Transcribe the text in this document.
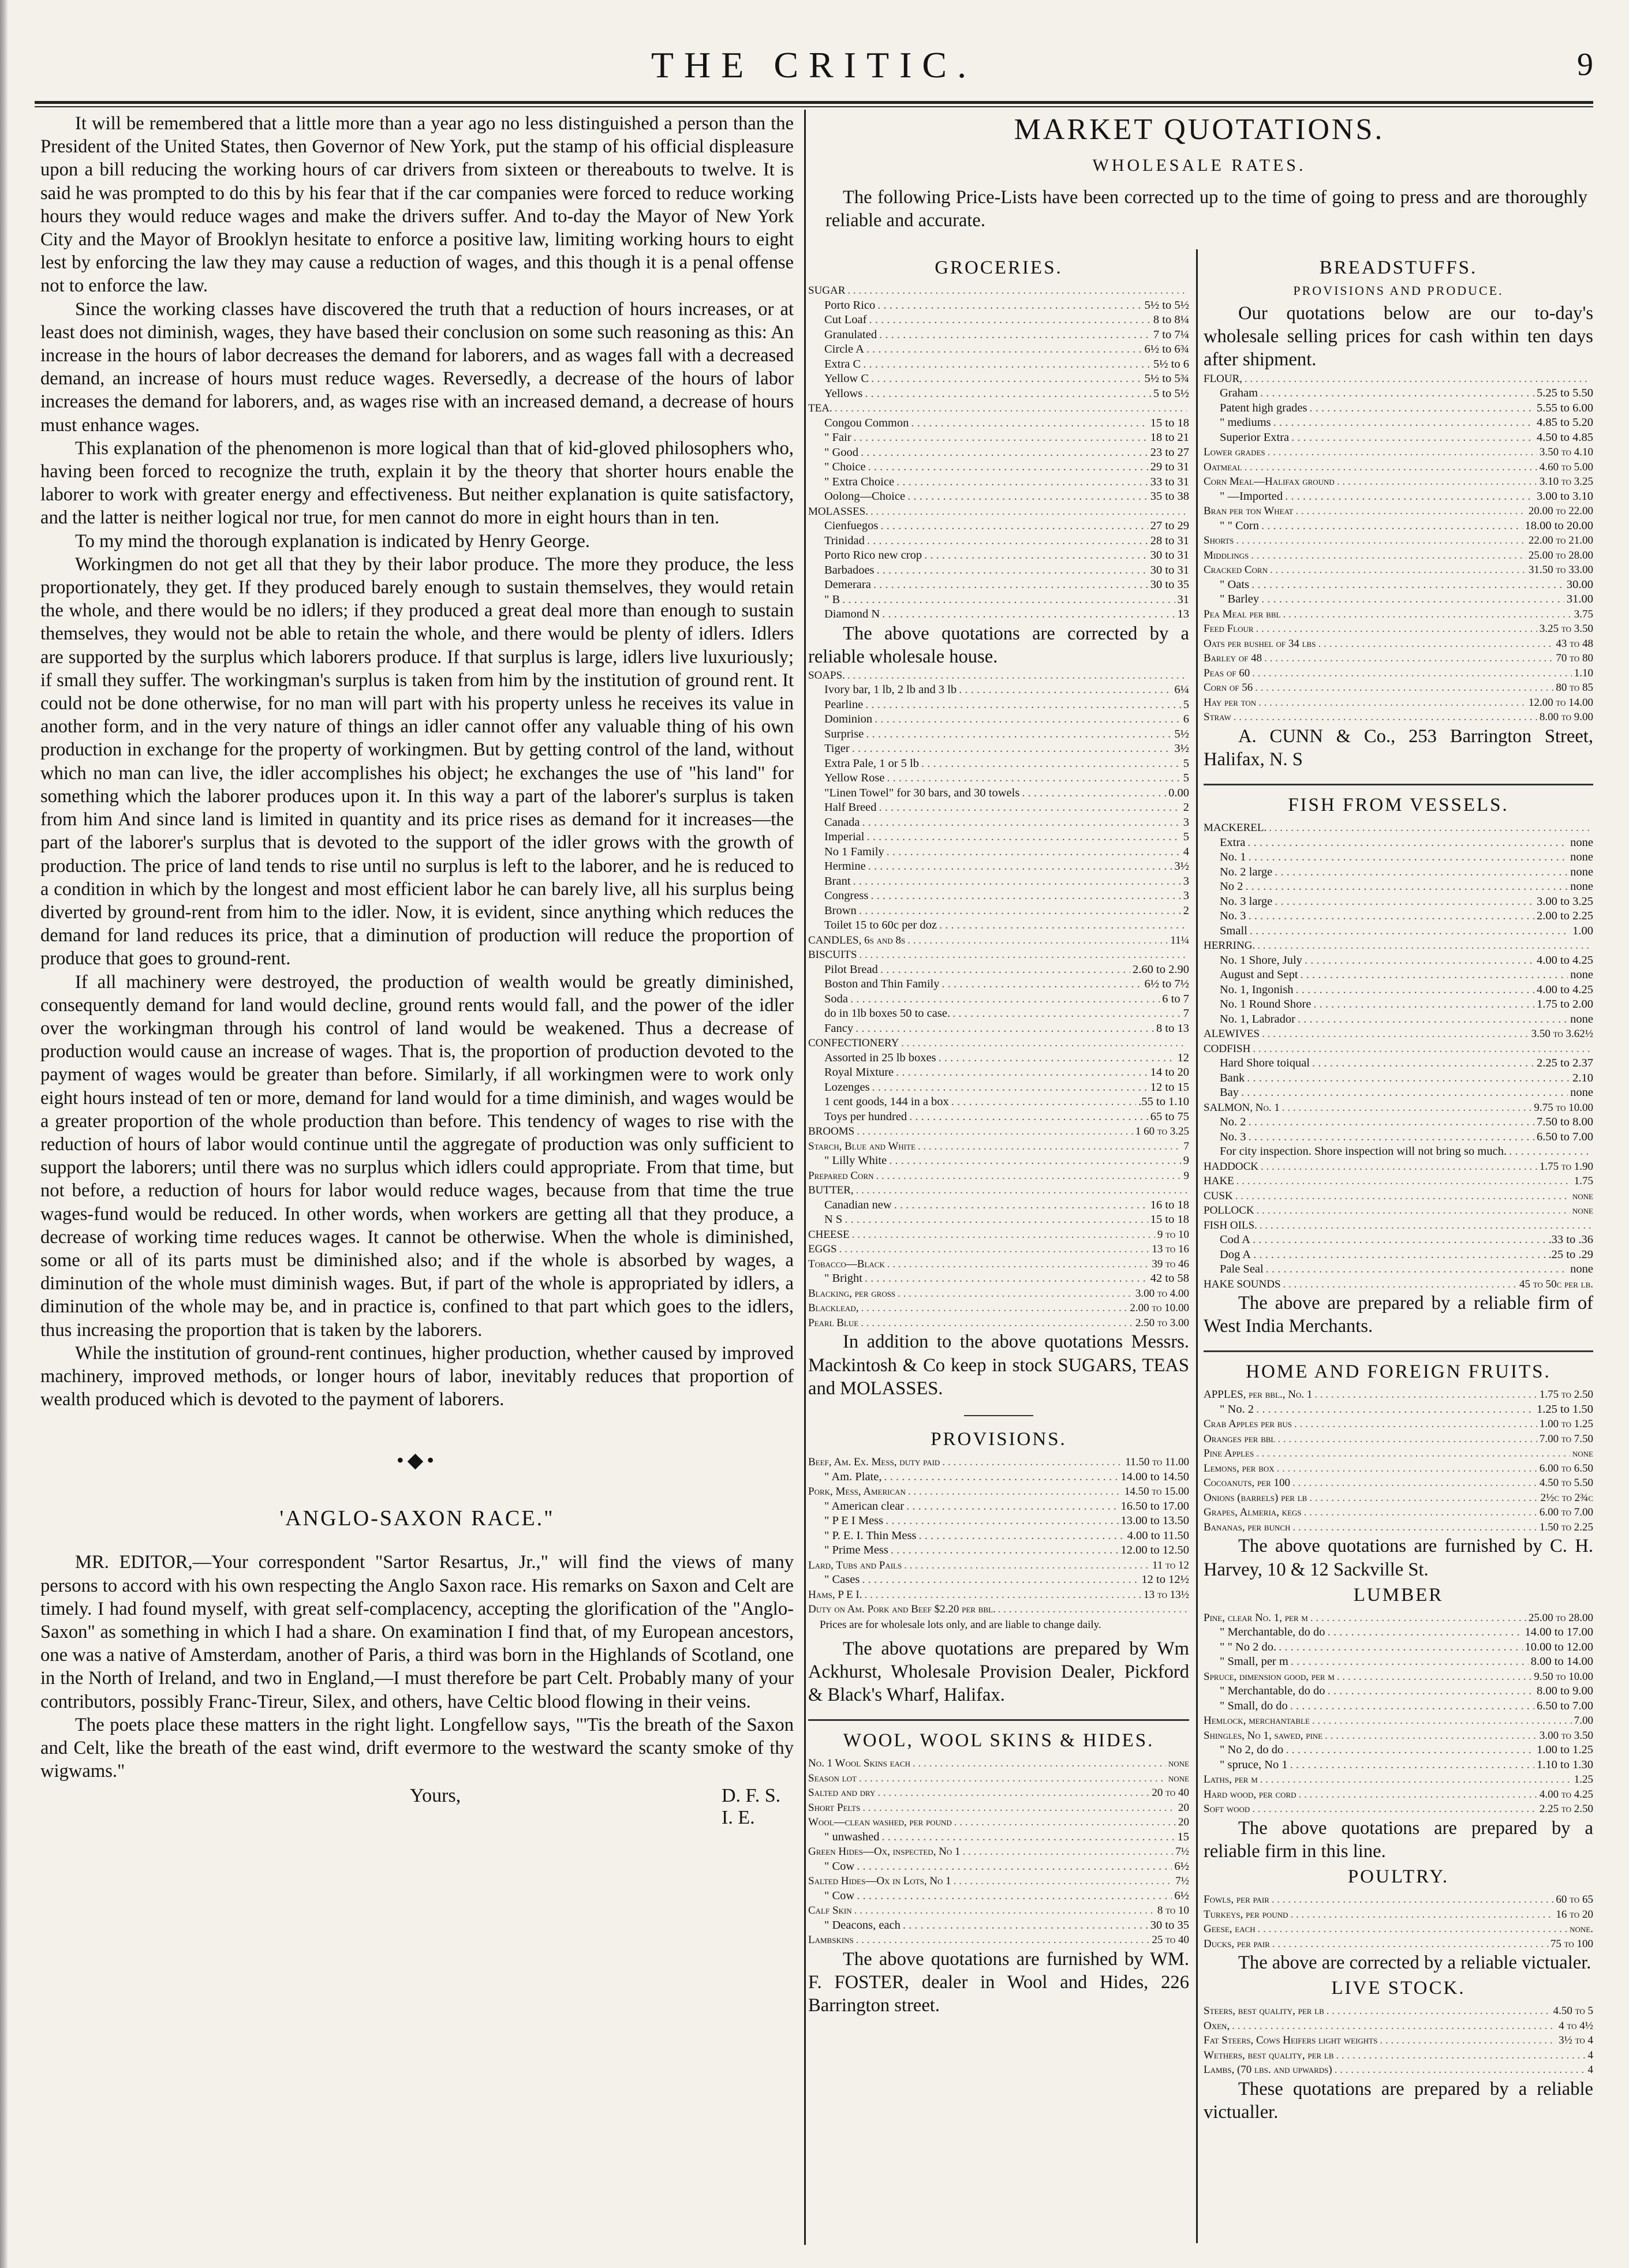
THE CRITIC.	9

It will be remembered that a little more than a year ago no less distinguished a person than the President of the United States, then Governor of New York, put the stamp of his official displeasure upon a bill reducing the working hours of car drivers from sixteen or thereabouts to twelve. It is said he was prompted to do this by his fear that if the car companies were forced to reduce working hours they would reduce wages and make the drivers suffer. And to-day the Mayor of New York City and the Mayor of Brooklyn hesitate to enforce a positive law, limiting working hours to eight lest by enforcing the law they may cause a reduction of wages, and this though it is a penal offense not to enforce the law.

Since the working classes have discovered the truth that a reduction of hours increases, or at least does not diminish, wages, they have based their conclusion on some such reasoning as this: An increase in the hours of labor decreases the demand for laborers, and as wages fall with a decreased demand, an increase of hours must reduce wages. Reversedly, a decrease of the hours of labor increases the demand for laborers, and, as wages rise with an increased demand, a decrease of hours must enhance wages.

This explanation of the phenomenon is more logical than that of kid-gloved philosophers who, having been forced to recognize the truth, explain it by the theory that shorter hours enable the laborer to work with greater energy and effectiveness. But neither explanation is quite satisfactory, and the latter is neither logical nor true, for men cannot do more in eight hours than in ten.

To my mind the thorough explanation is indicated by Henry George.

Workingmen do not get all that they by their labor produce. The more they produce, the less proportionately, they get. If they produced barely enough to sustain themselves, they would retain the whole, and there would be no idlers; if they produced a great deal more than enough to sustain themselves, they would not be able to retain the whole, and there would be plenty of idlers. Idlers are supported by the surplus which laborers produce. If that surplus is large, idlers live luxuriously; if small they suffer. The workingman's surplus is taken from him by the institution of ground rent. It could not be done otherwise, for no man will part with his property unless he receives its value in another form, and in the very nature of things an idler cannot offer any valuable thing of his own production in exchange for the property of workingmen. But by getting control of the land, without which no man can live, the idler accomplishes his object; he exchanges the use of "his land" for something which the laborer produces upon it. In this way a part of the laborer's surplus is taken from him And since land is limited in quantity and its price rises as demand for it increases—the part of the laborer's surplus that is devoted to the support of the idler grows with the growth of production. The price of land tends to rise until no surplus is left to the laborer, and he is reduced to a condition in which by the longest and most efficient labor he can barely live, all his surplus being diverted by ground-rent from him to the idler. Now, it is evident, since anything which reduces the demand for land reduces its price, that a diminution of production will reduce the proportion of produce that goes to ground-rent.

If all machinery were destroyed, the production of wealth would be greatly diminished, consequently demand for land would decline, ground rents would fall, and the power of the idler over the workingman through his control of land would be weakened. Thus a decrease of production would cause an increase of wages. That is, the proportion of production devoted to the payment of wages would be greater than before. Similarly, if all workingmen were to work only eight hours instead of ten or more, demand for land would for a time diminish, and wages would be a greater proportion of the whole production than before. This tendency of wages to rise with the reduction of hours of labor would continue until the aggregate of production was only sufficient to support the laborers; until there was no surplus which idlers could appropriate. From that time, but not before, a reduction of hours for labor would reduce wages, because from that time the true wages-fund would be reduced. In other words, when workers are getting all that they produce, a decrease of working time reduces wages. It cannot be otherwise. When the whole is diminished, some or all of its parts must be diminished also; and if the whole is absorbed by wages, a diminution of the whole must diminish wages. But, if part of the whole is appropriated by idlers, a diminution of the whole may be, and in practice is, confined to that part which goes to the idlers, thus increasing the proportion that is taken by the laborers.

While the institution of ground-rent continues, higher production, whether caused by improved machinery, improved methods, or longer hours of labor, inevitably reduces that proportion of wealth produced which is devoted to the payment of laborers.

•◆•
'ANGLO-SAXON RACE."

MR. EDITOR,—Your correspondent "Sartor Resartus, Jr.," will find the views of many persons to accord with his own respecting the Anglo Saxon race. His remarks on Saxon and Celt are timely. I had found myself, with great self-complacency, accepting the glorification of the "Anglo-Saxon" as something in which I had a share. On examination I find that, of my European ancestors, one was a native of Amsterdam, another of Paris, a third was born in the Highlands of Scotland, one in the North of Ireland, and two in England,—I must therefore be part Celt. Probably many of your contributors, possibly Franc-Tireur, Silex, and others, have Celtic blood flowing in their veins.

The poets place these matters in the right light. Longfellow says, "'Tis the breath of the Saxon and Celt, like the breath of the east wind, drift evermore to the westward the scanty smoke of thy wigwams."

Yours,	D. F. S. I. E.
MARKET QUOTATIONS.
WHOLESALE RATES.

The following Price-Lists have been corrected up to the time of going to press and are thoroughly reliable and accurate.

GROCERIES.
SUGAR
. . .
Porto Rico . . .	5½ to 5½
Cut Loaf . . .	8 to 8¼
Granulated . . .	7 to 7¼
Circle A . . .	6½ to 6¾
Extra C . . .	5½ to 6
Yellow C . . .	5½ to 5¾
Yellows . . .	5 to 5½
TEA.
. . .
Congou Common . . .	15 to 18
" Fair . . .	18 to 21
" Good . . .	23 to 27
" Choice . . .	29 to 31
" Extra Choice . . .	33 to 31
Oolong—Choice . . .	35 to 38
MOLASSES.
. . .
Cienfuegos . . .	27 to 29
Trinidad . . .	28 to 31
Porto Rico new crop . . .	30 to 31
Barbadoes . . .	30 to 31
Demerara . . .	30 to 35
" B . . .	31
Diamond N . . .	13

The above quotations are corrected by a reliable wholesale house.

SOAPS.
. . .
Ivory bar, 1 lb, 2 lb and 3 lb . . .	6¼
Pearline . . .	5
Dominion . . .	6
Surprise . . .	5½
Tiger . . .	3½
Extra Pale, 1 or 5 lb . . .	5
Yellow Rose . . .	5
"Linen Towel" for 30 bars, and 30 towels . . .	0.00
Half Breed . . .	2
Canada . . .	3
Imperial . . .	5
No 1 Family . . .	4
Hermine . . .	3½
Brant . . .	3
Congress . . .	3
Brown . . .	2
Toilet 15 to 60c per doz
. . .
CANDLES, 6s and 8s . . .	11¼
BISCUITS
. . .
Pilot Bread . . .	2.60 to 2.90
Boston and Thin Family . . .	6½ to 7½
Soda . . .	6 to 7
do in 1lb boxes 50 to case. . . .	7
Fancy . . .	8 to 13
CONFECTIONERY
. . .
Assorted in 25 lb boxes . . .	12
Royal Mixture . . .	14 to 20
Lozenges . . .	12 to 15
1 cent goods, 144 in a box . . .	.55 to 1.10
Toys per hundred . . .	65 to 75
BROOMS . . .	1 60 to 3.25
Starch, Blue and White . . .	7
" Lilly White . . .	9
Prepared Corn . . .	9
BUTTER,
. . .
Canadian new . . .	16 to 18
N S . . .	15 to 18
CHEESE . . .	9 to 10
EGGS . . .	13 to 16
Tobacco—Black . . .	39 to 46
" Bright . . .	42 to 58
Blacking, per gross . . .	3.00 to 4.00
Blacklead, . . .	2.00 to 10.00
Pearl Blue . . .	2.50 to 3.00

In addition to the above quotations Messrs. Mackintosh & Co keep in stock SUGARS, TEAS and MOLASSES.

PROVISIONS.
Beef, Am. Ex. Mess, duty paid . . .	11.50 to 11.00
" Am. Plate, . . .	14.00 to 14.50
Pork, Mess, American . . .	14.50 to 15.00
" American clear . . .	16.50 to 17.00
" P E I Mess . . .	13.00 to 13.50
" P. E. I. Thin Mess . . .	4.00 to 11.50
" Prime Mess . . .	12.00 to 12.50
Lard, Tubs and Pails . . .	11 to 12
" Cases . . .	12 to 12½
Hams, P E I. . . .	13 to 13½
Duty on Am. Pork and Beef $2.20 per bbl.
. . .
Prices are for wholesale lots only, and are liable to change daily.

The above quotations are prepared by Wm Ackhurst, Wholesale Provision Dealer, Pickford & Black's Wharf, Halifax.

WOOL, WOOL SKINS & HIDES.
No. 1 Wool Skins each . . .	none
Season lot . . .	none
Salted and dry . . .	20 to 40
Short Pelts . . .	20
Wool—clean washed, per pound . . .	20
" unwashed . . .	15
Green Hides—Ox, inspected, No 1 . . .	7½
" Cow . . .	6½
Salted Hides—Ox in Lots, No 1 . . .	7½
" Cow . . .	6½
Calf Skin . . .	8 to 10
" Deacons, each . . .	30 to 35
Lambskins . . .	25 to 40

The above quotations are furnished by WM. F. FOSTER, dealer in Wool and Hides, 226 Barrington street.

BREADSTUFFS.
PROVISIONS AND PRODUCE.

Our quotations below are our to-day's wholesale selling prices for cash within ten days after shipment.

FLOUR,
. . .
Graham . . .	5.25 to 5.50
Patent high grades . . .	5.55 to 6.00
" mediums . . .	4.85 to 5.20
Superior Extra . . .	4.50 to 4.85
Lower grades . . .	3.50 to 4.10
Oatmeal . . .	4.60 to 5.00
Corn Meal—Halifax ground . . .	3.10 to 3.25
" —Imported . . .	3.00 to 3.10
Bran per ton Wheat . . .	20.00 to 22.00
" " Corn . . .	18.00 to 20.00
Shorts . . .	22.00 to 21.00
Middlings . . .	25.00 to 28.00
Cracked Corn . . .	31.50 to 33.00
" Oats . . .	30.00
" Barley . . .	31.00
Pea Meal per bbl . . .	3.75
Feed Flour . . .	3.25 to 3.50
Oats per bushel of 34 lbs . . .	43 to 48
Barley of 48 . . .	70 to 80
Peas of 60 . . .	1.10
Corn of 56 . . .	80 to 85
Hay per ton . . .	12.00 to 14.00
Straw . . .	8.00 to 9.00

A. CUNN & Co., 253 Barrington Street, Halifax, N. S

FISH FROM VESSELS.
MACKEREL.
. . .
Extra . . .	none
No. 1 . . .	none
No. 2 large . . .	none
No 2 . . .	none
No. 3 large . . .	3.00 to 3.25
No. 3 . . .	2.00 to 2.25
Small . . .	1.00
HERRING.
. . .
No. 1 Shore, July . . .	4.00 to 4.25
August and Sept . . .	none
No. 1, Ingonish . . .	4.00 to 4.25
No. 1 Round Shore . . .	1.75 to 2.00
No. 1, Labrador . . .	none
ALEWIVES . . .	3.50 to 3.62½
CODFISH
. . .
Hard Shore toiqual . . .	2.25 to 2.37
Bank . . .	2.10
Bay . . .	none
SALMON, No. 1 . . .	9.75 to 10.00
No. 2 . . .	7.50 to 8.00
No. 3 . . .	6.50 to 7.00
For city inspection. Shore inspection will not bring so much.
. . .
HADDOCK . . .	1.75 to 1.90
HAKE . . .	1.75
CUSK . . .	none
POLLOCK . . .	none
FISH OILS.
. . .
Cod A . . .	.33 to .36
Dog A . . .	.25 to .29
Pale Seal . . .	none
HAKE SOUNDS . . .	45 to 50c per lb.

The above are prepared by a reliable firm of West India Merchants.

HOME AND FOREIGN FRUITS.
APPLES, per bbl., No. 1 . . .	1.75 to 2.50
" No. 2 . . .	1.25 to 1.50
Crab Apples per bus . . .	1.00 to 1.25
Oranges per bbl . . .	7.00 to 7.50
Pine Apples . . .	none
Lemons, per box . . .	6.00 to 6.50
Cocoanuts, per 100 . . .	4.50 to 5.50
Onions (barrels) per lb . . .	2½c to 2¾c
Grapes, Almeria, kegs . . .	6.00 to 7.00
Bananas, per bunch . . .	1.50 to 2.25

The above quotations are furnished by C. H. Harvey, 10 & 12 Sackville St.

LUMBER
Pine, clear No. 1, per m . . .	25.00 to 28.00
" Merchantable, do do . . .	14.00 to 17.00
" " No 2 do. . . .	10.00 to 12.00
" Small, per m . . .	8.00 to 14.00
Spruce, dimension good, per m . . .	9.50 to 10.00
" Merchantable, do do . . .	8.00 to 9.00
" Small, do do . . .	6.50 to 7.00
Hemlock, merchantable . . .	7.00
Shingles, No 1, sawed, pine . . .	3.00 to 3.50
" No 2, do do . . .	1.00 to 1.25
" spruce, No 1 . . .	1.10 to 1.30
Laths, per m . . .	1.25
Hard wood, per cord . . .	4.00 to 4.25
Soft wood . . .	2.25 to 2.50

The above quotations are prepared by a reliable firm in this line.

POULTRY.
Fowls, per pair . . .	60 to 65
Turkeys, per pound . . .	16 to 20
Geese, each . . .	none.
Ducks, per pair . . .	75 to 100

The above are corrected by a reliable victualer.

LIVE STOCK.
Steers, best quality, per lb . . .	4.50 to 5
Oxen, . . .	4 to 4½
Fat Steers, Cows Heifers light weights . . .	3½ to 4
Wethers, best quality, per lb . . .	4
Lambs, (70 lbs. and upwards) . . .	4

These quotations are prepared by a reliable victualler.
